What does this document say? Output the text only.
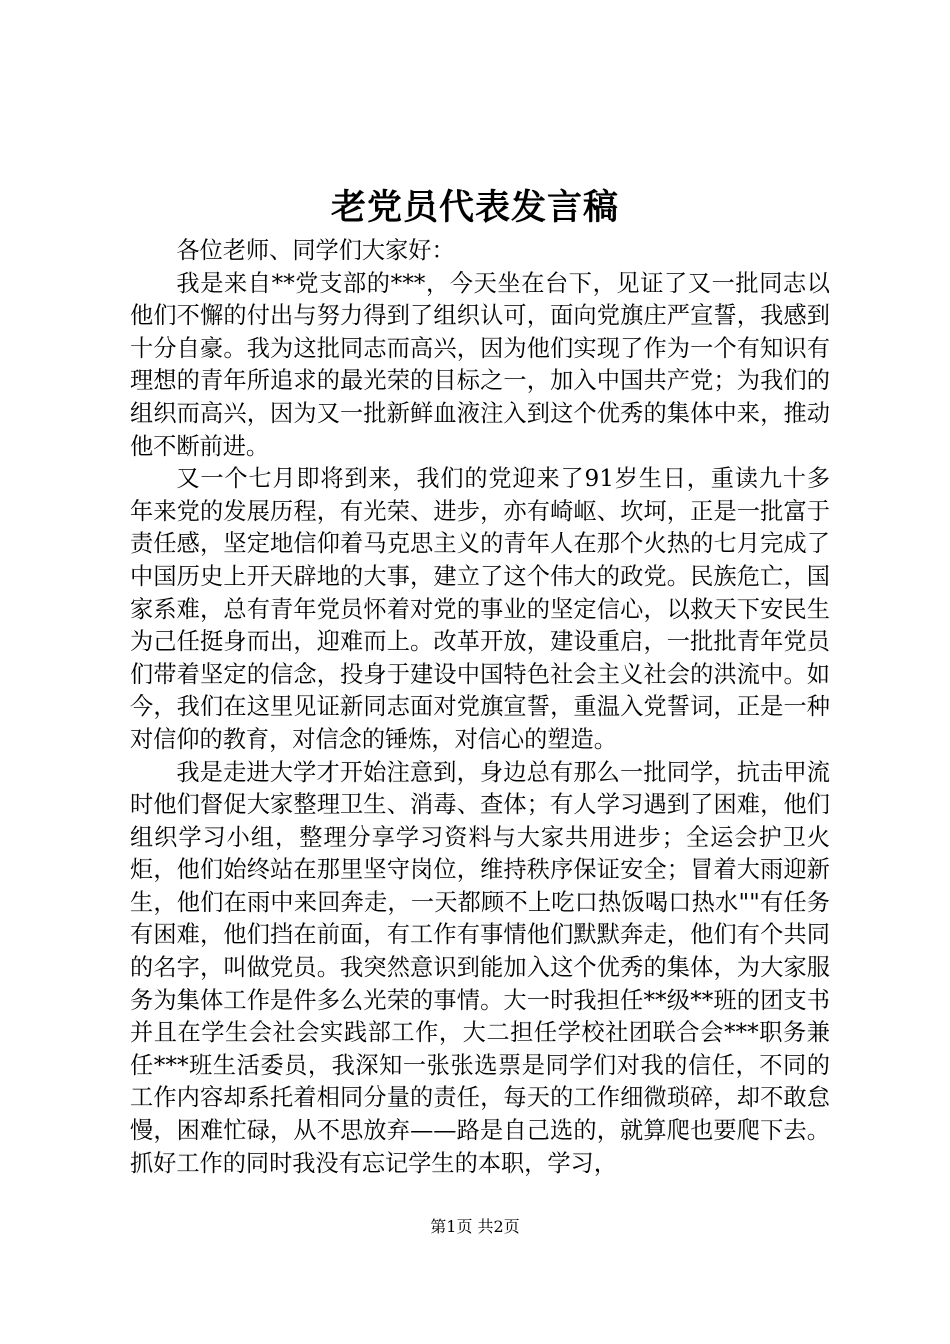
老党员代表发言稿

各位老师、同学们大家好：

我是来自**党支部的***，今天坐在台下，见证了又一批同志以他们不懈的付出与努力得到了组织认可，面向党旗庄严宣誓，我感到十分自豪。我为这批同志而高兴，因为他们实现了作为一个有知识有理想的青年所追求的最光荣的目标之一，加入中国共产党；为我们的组织而高兴，因为又一批新鲜血液注入到这个优秀的集体中来，推动他不断前进。

又一个七月即将到来，我们的党迎来了91岁生日，重读九十多年来党的发展历程，有光荣、进步，亦有崎岖、坎坷，正是一批富于责任感，坚定地信仰着马克思主义的青年人在那个火热的七月完成了中国历史上开天辟地的大事，建立了这个伟大的政党。民族危亡，国家系难，总有青年党员怀着对党的事业的坚定信心，以救天下安民生为己任挺身而出，迎难而上。改革开放，建设重启，一批批青年党员们带着坚定的信念，投身于建设中国特色社会主义社会的洪流中。如今，我们在这里见证新同志面对党旗宣誓，重温入党誓词，正是一种对信仰的教育，对信念的锤炼，对信心的塑造。

我是走进大学才开始注意到，身边总有那么一批同学，抗击甲流时他们督促大家整理卫生、消毒、查体；有人学习遇到了困难，他们组织学习小组，整理分享学习资料与大家共用进步；全运会护卫火炬，他们始终站在那里坚守岗位，维持秩序保证安全；冒着大雨迎新生，他们在雨中来回奔走，一天都顾不上吃口热饭喝口热水""有任务有困难，他们挡在前面，有工作有事情他们默默奔走，他们有个共同的名字，叫做党员。我突然意识到能加入这个优秀的集体，为大家服务为集体工作是件多么光荣的事情。大一时我担任**级**班的团支书并且在学生会社会实践部工作，大二担任学校社团联合会***职务兼任***班生活委员，我深知一张张选票是同学们对我的信任，不同的工作内容却系托着相同分量的责任，每天的工作细微琐碎，却不敢怠慢，困难忙碌，从不思放弃——路是自己选的，就算爬也要爬下去。抓好工作的同时我没有忘记学生的本职，学习，

第1页 共2页
